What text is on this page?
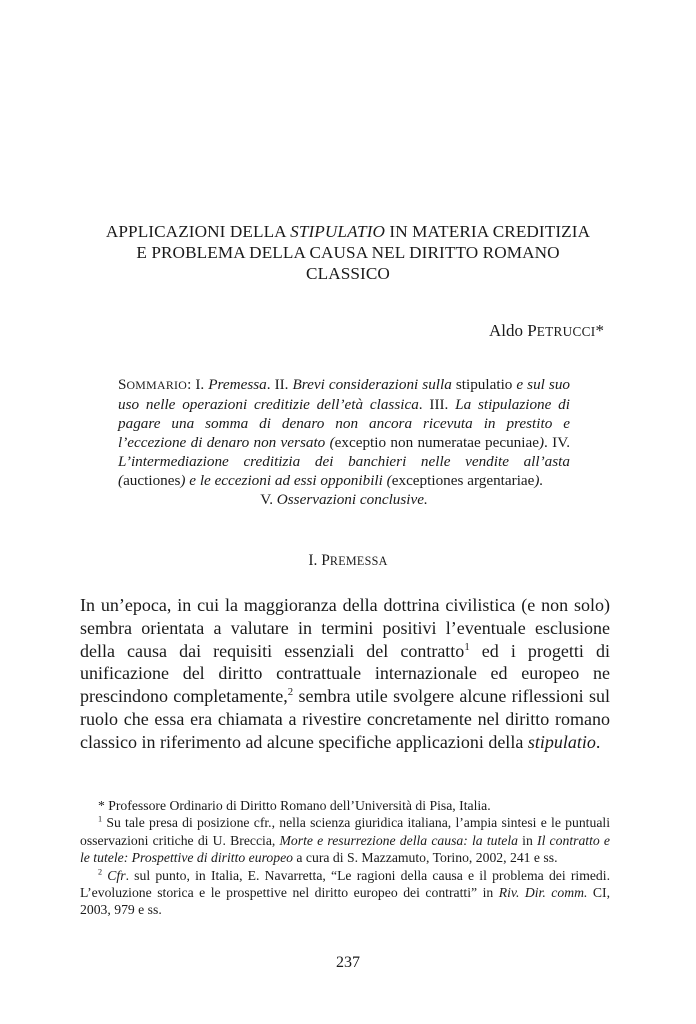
APPLICAZIONI DELLA STIPULATIO IN MATERIA CREDITIZIA
E PROBLEMA DELLA CAUSA NEL DIRITTO ROMANO
CLASSICO
Aldo PETRUCCI*
SOMMARIO: I. Premessa. II. Brevi considerazioni sulla stipulatio e sul suo uso nelle operazioni creditizie dell’età classica. III. La stipulazione di pagare una somma di denaro non ancora ricevuta in prestito e l’eccezione di denaro non versato (exceptio non numeratae pecuniae). IV. L’intermediazione creditizia dei banchieri nelle vendite all’asta (auctiones) e le eccezioni ad essi opponibili (exceptiones argentariae).
V. Osservazioni conclusive.
I. PREMESSA
In un’epoca, in cui la maggioranza della dottrina civilistica (e non solo) sembra orientata a valutare in termini positivi l’eventuale esclusione della causa dai requisiti essenziali del contratto$^1$ ed i progetti di unificazione del diritto contrattuale internazionale ed europeo ne prescindono completamente,$^2$ sembra utile svolgere alcune riflessioni sul ruolo che essa era chiamata a rivestire concretamente nel diritto romano classico in riferimento ad alcune specifiche applicazioni della stipulatio.

* Professore Ordinario di Diritto Romano dell’Università di Pisa, Italia.

$^1$ Su tale presa di posizione cfr., nella scienza giuridica italiana, l’ampia sintesi e le puntuali osservazioni critiche di U. Breccia, Morte e resurrezione della causa: la tutela in Il contratto e le tutele: Prospettive di diritto europeo a cura di S. Mazzamuto, Torino, 2002, 241 e ss.

$^2$ Cfr. sul punto, in Italia, E. Navarretta, “Le ragioni della causa e il problema dei rimedi. L’evoluzione storica e le prospettive nel diritto europeo dei contratti” in Riv. Dir. comm. CI, 2003, 979 e ss.

237
